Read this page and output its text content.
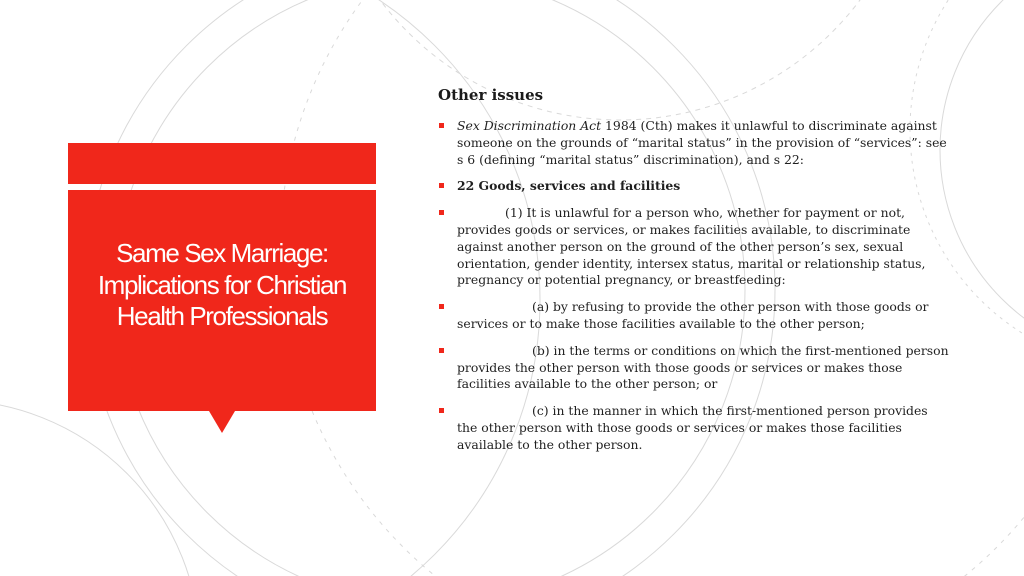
Same Sex Marriage: Implications for Christian Health Professionals
Other issues
Sex Discrimination Act 1984 (Cth) makes it unlawful to discriminate against someone on the grounds of “marital status” in the provision of “services”: see s 6 (defining “marital status” discrimination), and s 22:
22 Goods, services and facilities
(1) It is unlawful for a person who, whether for payment or not, provides goods or services, or makes facilities available, to discriminate against another person on the ground of the other person’s sex, sexual orientation, gender identity, intersex status, marital or relationship status, pregnancy or potential pregnancy, or breastfeeding:
(a) by refusing to provide the other person with those goods or services or to make those facilities available to the other person;
(b) in the terms or conditions on which the first-mentioned person provides the other person with those goods or services or makes those facilities available to the other person; or
(c) in the manner in which the first-mentioned person provides the other person with those goods or services or makes those facilities available to the other person.
